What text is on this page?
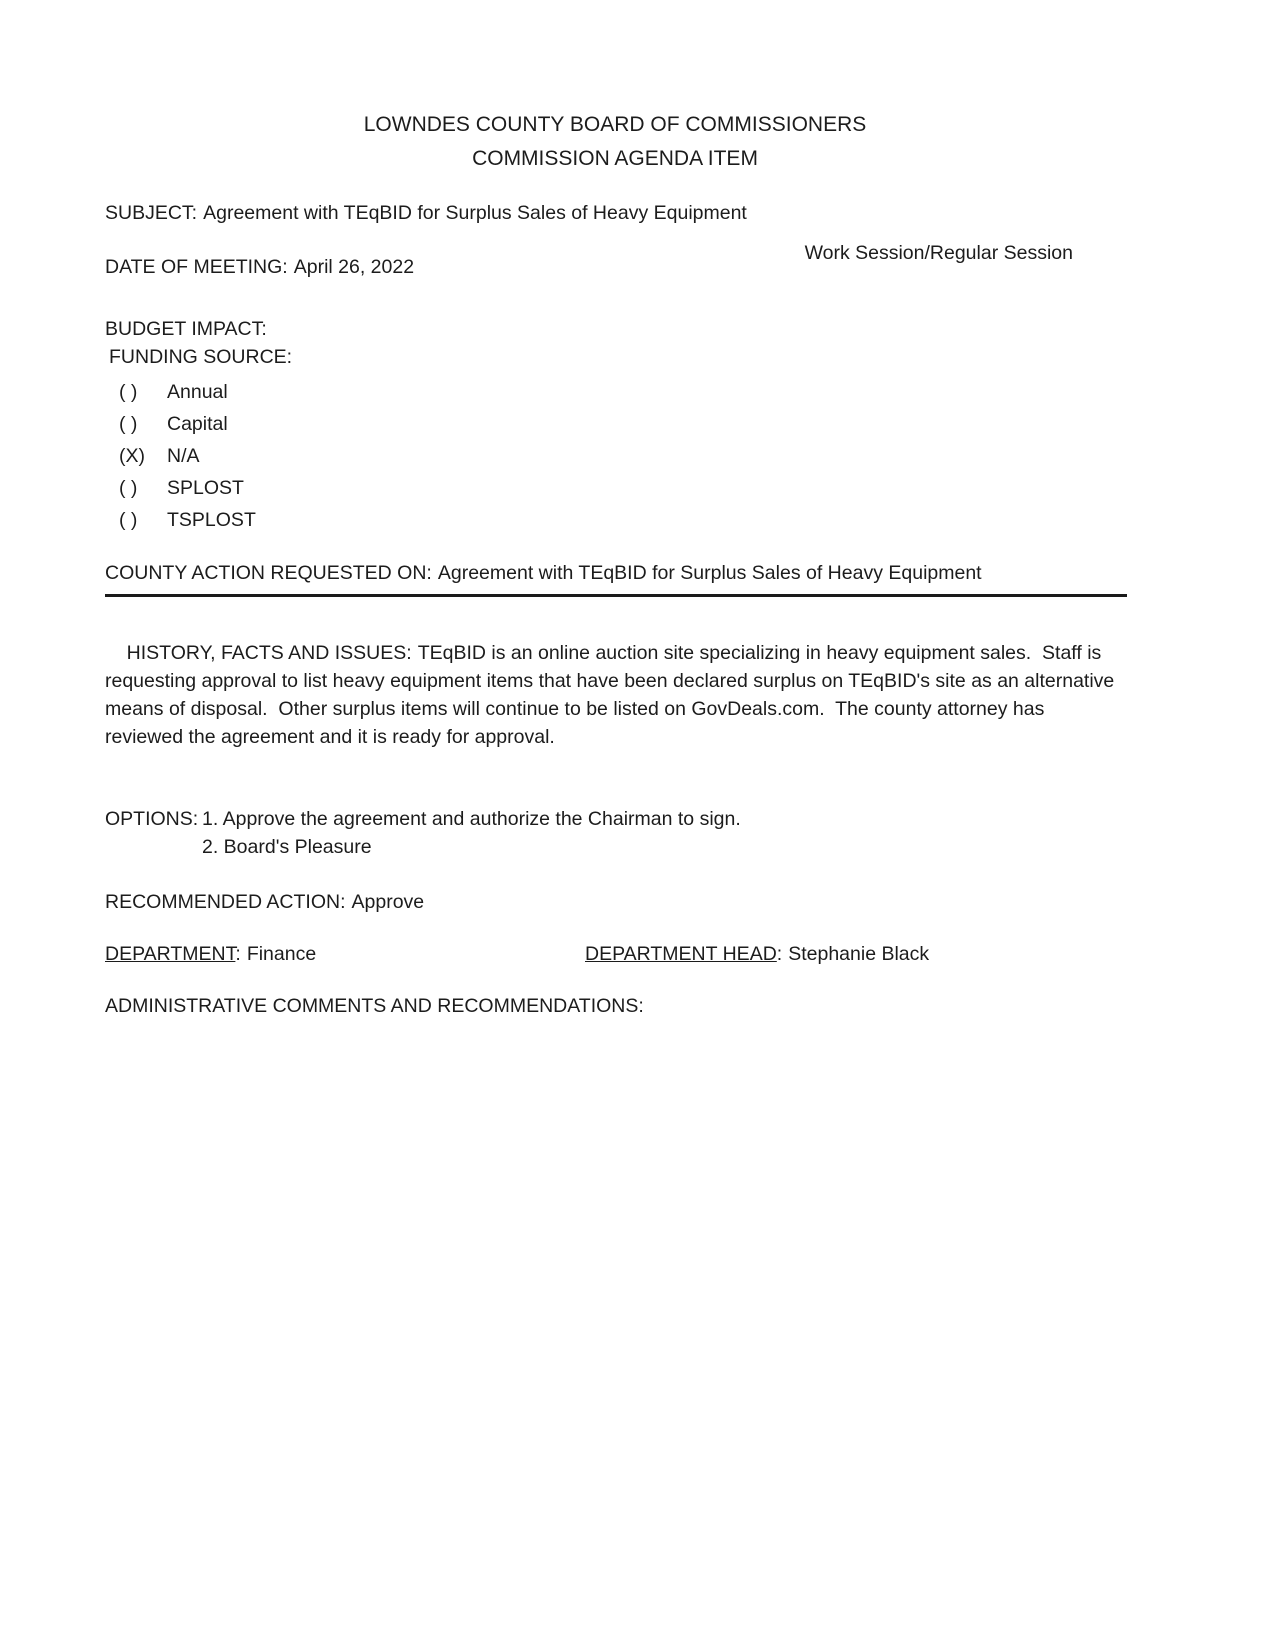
LOWNDES COUNTY BOARD OF COMMISSIONERS
COMMISSION AGENDA ITEM
SUBJECT: Agreement with TEqBID for Surplus Sales of Heavy Equipment
DATE OF MEETING: April 26, 2022
Work Session/Regular Session
BUDGET IMPACT:
FUNDING SOURCE:
( )	Annual
( )	Capital
(X)	N/A
( )	SPLOST
( )	TSPLOST
COUNTY ACTION REQUESTED ON: Agreement with TEqBID for Surplus Sales of Heavy Equipment

HISTORY, FACTS AND ISSUES: TEqBID is an online auction site specializing in heavy equipment sales.  Staff is requesting approval to list heavy equipment items that have been declared surplus on TEqBID's site as an alternative means of disposal.  Other surplus items will continue to be listed on GovDeals.com.  The county attorney has reviewed the agreement and it is ready for approval.

OPTIONS: 1. Approve the agreement and authorize the Chairman to sign.
2. Board's Pleasure
RECOMMENDED ACTION: Approve
DEPARTMENT: Finance	DEPARTMENT HEAD: Stephanie Black
ADMINISTRATIVE COMMENTS AND RECOMMENDATIONS:
